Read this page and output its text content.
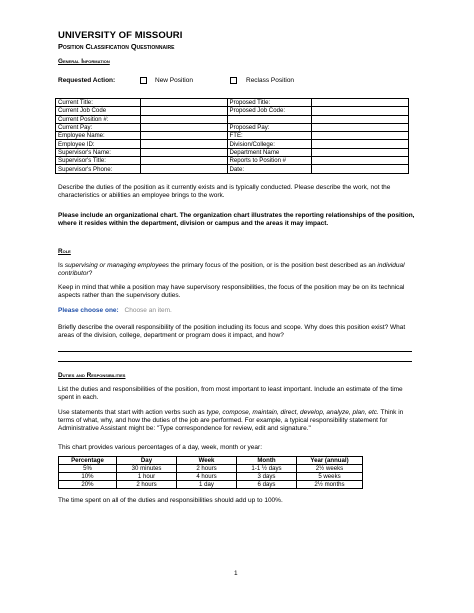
UNIVERSITY OF MISSOURI
Position Classification Questionnaire
General Information
Requested Action:	New Position	Reclass Position
Current Title:		Proposed Title:	
Current Job Code		Proposed Job Code:	
Current Position #:			
Current Pay:		Proposed Pay:	
Employee Name:		FTE:	
Employee ID:		Division/College:	
Supervisor's Name:		Department Name	
Supervisor's Title:		Reports to Position #	
Supervisor's Phone:		Date:	
Describe the duties of the position as it currently exists and is typically conducted. Please describe the work, not the characteristics or abilities an employee brings to the work.
Please include an organizational chart. The organization chart illustrates the reporting relationships of the position, where it resides within the department, division or campus and the areas it may impact.
Role
Is supervising or managing employees the primary focus of the position, or is the position best described as an individual contributor?
Keep in mind that while a position may have supervisory responsibilities, the focus of the position may be on its technical aspects rather than the supervisory duties.
Please choose one: Choose an item.
Briefly describe the overall responsibility of the position including its focus and scope. Why does this position exist? What areas of the division, college, department or program does it impact, and how?
Duties and Responsibilities
List the duties and responsibilities of the position, from most important to least important. Include an estimate of the time spent in each.
Use statements that start with action verbs such as type, compose, maintain, direct, develop, analyze, plan, etc. Think in terms of what, why, and how the duties of the job are performed. For example, a typical responsibility statement for Administrative Assistant might be: "Type correspondence for review, edit and signature."
This chart provides various percentages of a day, week, month or year:
Percentage	Day	Week	Month	Year (annual)
5%	30 minutes	2 hours	1-1 ½ days	2½ weeks
10%	1 hour	4 hours	3 days	5 weeks
20%	2 hours	1 day	6 days	2½ months
The time spent on all of the duties and responsibilities should add up to 100%.
1
